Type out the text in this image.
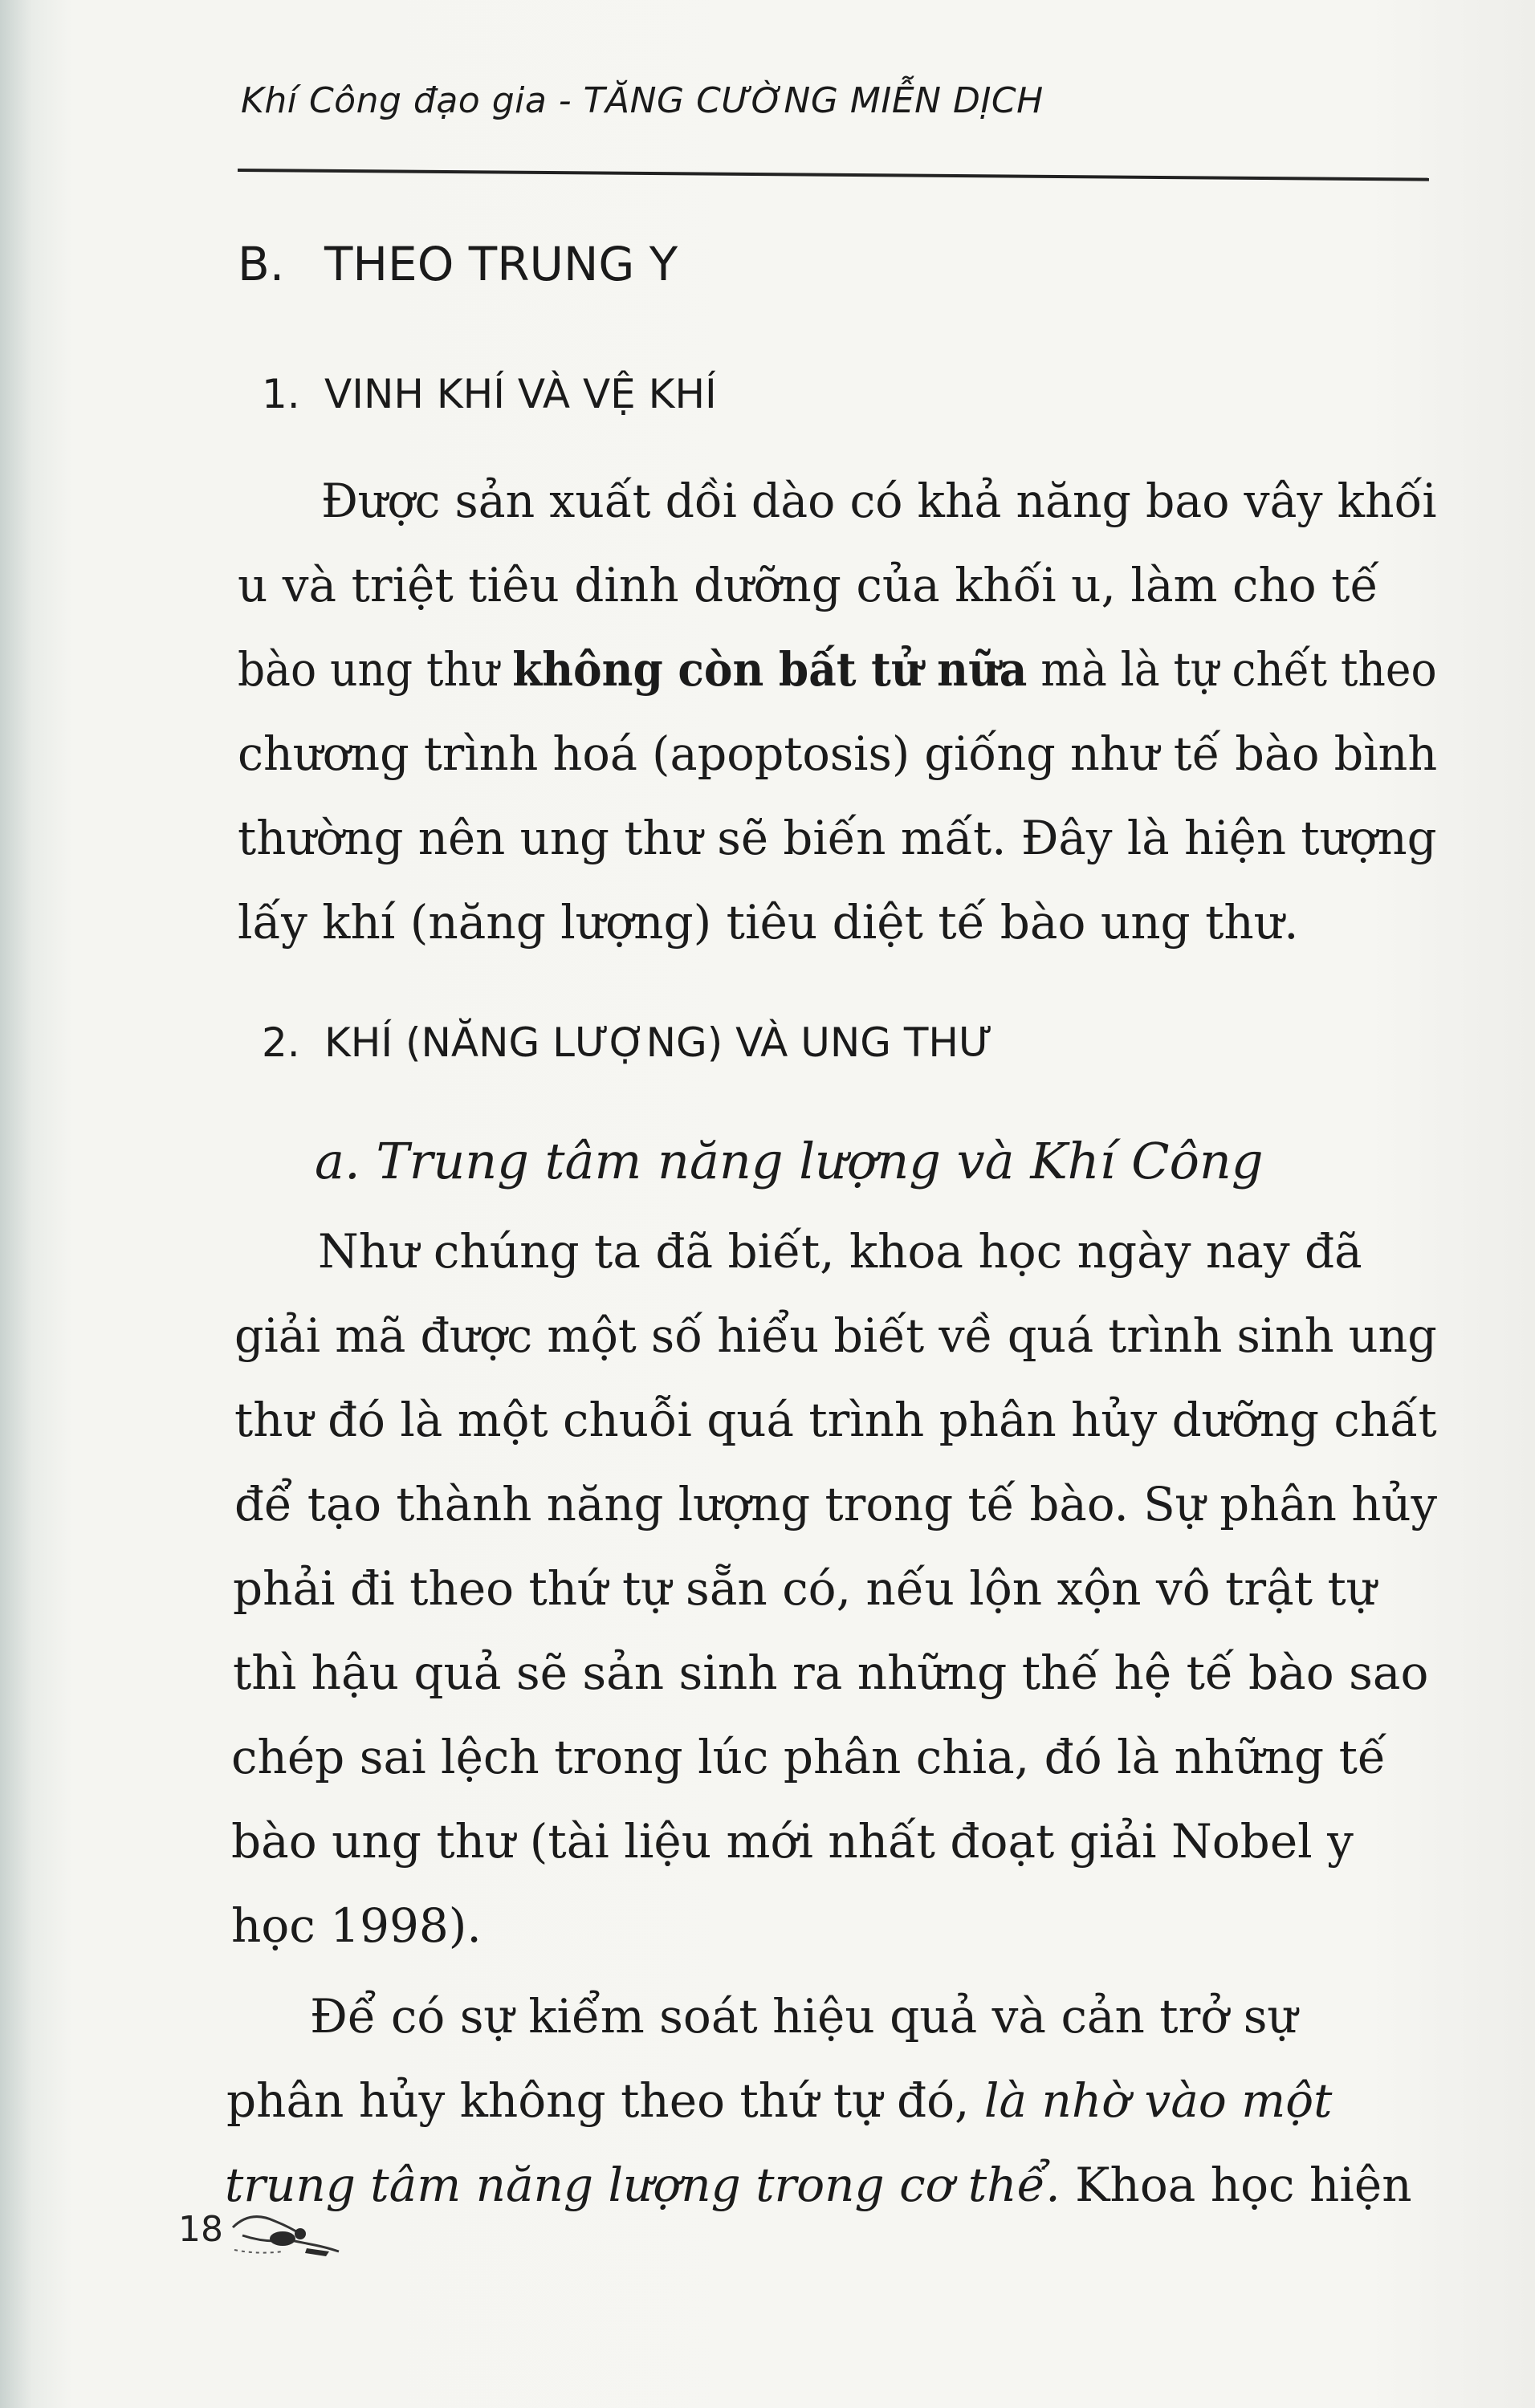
Khí Công đạo gia - TĂNG CƯỜNG MIỄN DỊCH
B. THEO TRUNG Y
1. VINH KHÍ VÀ VỆ KHÍ
Được sản xuất dồi dào có khả năng bao vây khối
u và triệt tiêu dinh dưỡng của khối u, làm cho tế
bào ung thư không còn bất tử nữa mà là tự chết theo
chương trình hoá (apoptosis) giống như tế bào bình
thường nên ung thư sẽ biến mất. Đây là hiện tượng
lấy khí (năng lượng) tiêu diệt tế bào ung thư.
2. KHÍ (NĂNG LƯỢNG) VÀ UNG THƯ
a. Trung tâm năng lượng và Khí Công
Như chúng ta đã biết, khoa học ngày nay đã
giải mã được một số hiểu biết về quá trình sinh ung
thư đó là một chuỗi quá trình phân hủy dưỡng chất
để tạo thành năng lượng trong tế bào. Sự phân hủy
phải đi theo thứ tự sẵn có, nếu lộn xộn vô trật tự
thì hậu quả sẽ sản sinh ra những thế hệ tế bào sao
chép sai lệch trong lúc phân chia, đó là những tế
bào ung thư (tài liệu mới nhất đoạt giải Nobel y
học 1998).
Để có sự kiểm soát hiệu quả và cản trở sự
phân hủy không theo thứ tự đó, là nhờ vào một
trung tâm năng lượng trong cơ thể. Khoa học hiện
18
